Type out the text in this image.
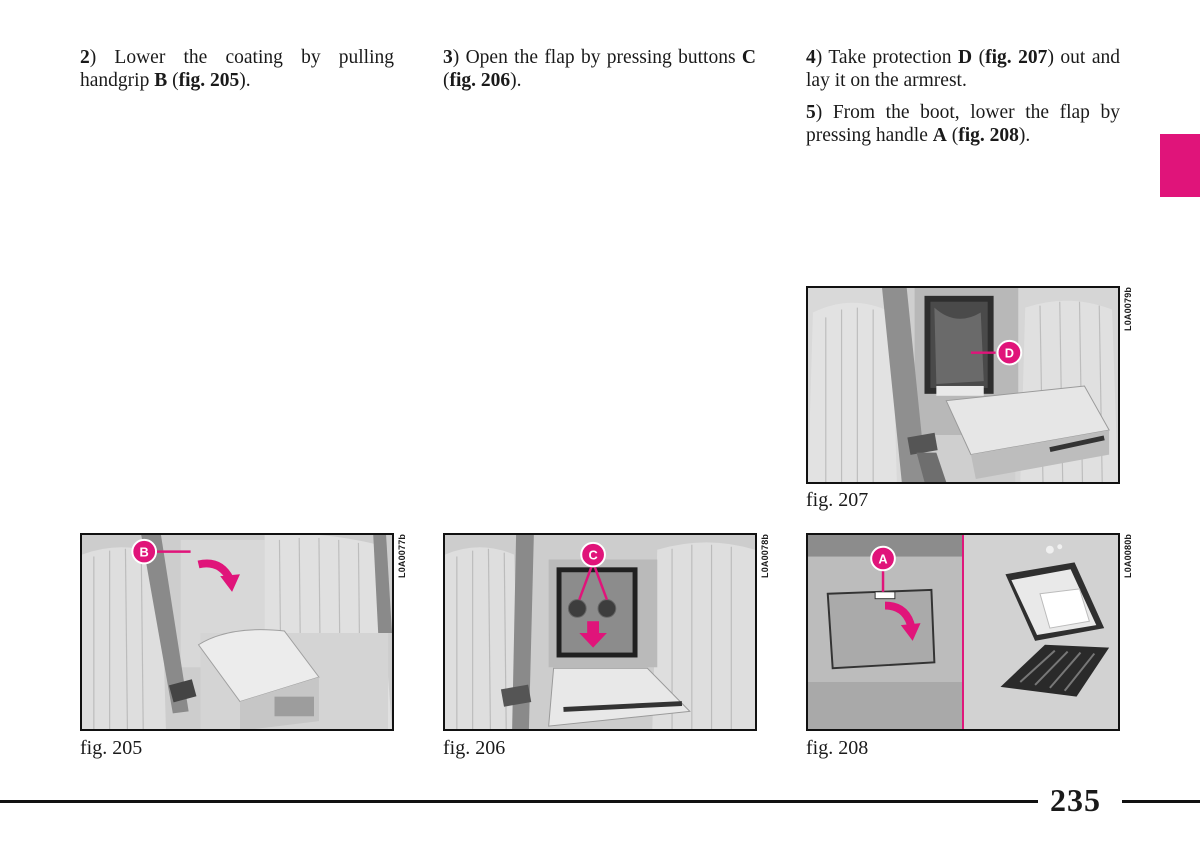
2) Lower the coating by pulling handgrip B (fig. 205).

3) Open the flap by pressing buttons C (fig. 206).

4) Take protection D (fig. 207) out and lay it on the armrest.

5) From the boot, lower the flap by pressing handle A (fig. 208).

D
L0A0079b
fig. 207
B	L0A0077b
fig. 205
C	L0A0078b
fig. 206
A	L0A0080b
fig. 208
235
